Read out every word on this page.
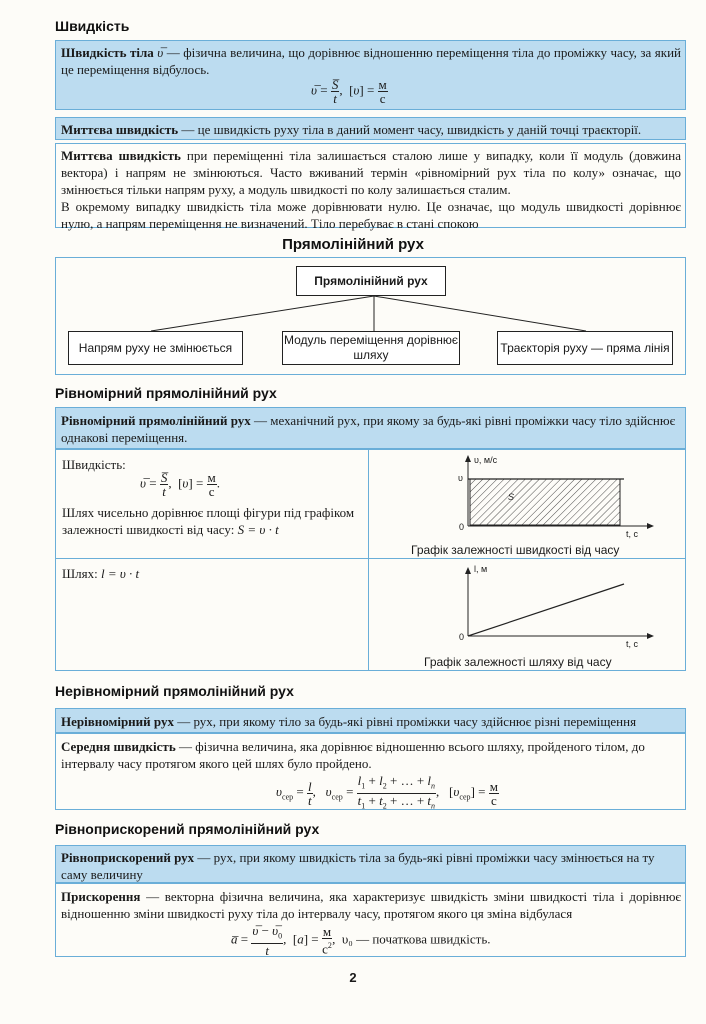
Швидкість
Швидкість тіла υ̅ — фізична величина, що дорівнює відношенню переміщення тіла до проміжку часу, за який це переміщення відбулось.
υ̅ = $\frac{S̅}{t}$ ,  [υ] = м
с
Миттєва швидкість — це швидкість руху тіла в даний момент часу, швидкість у даній точці траєкторії.
Миттєва швидкість при переміщенні тіла залишається сталою лише у випадку, коли її модуль (довжина вектора) і напрям не змінюються. Часто вживаний термін «рівномірний рух тіла по колу» означає, що змінюється тільки напрям руху, а модуль швидкості по колу залишається сталим.
В окремому випадку швидкість тіла може дорівнювати нулю. Це означає, що модуль швидкості дорівнює нулю, а напрям переміщення не визначений. Тіло перебуває в стані спокою
Прямолінійний рух
Прямолінійний рух
Напрям руху не змінюється
Модуль переміщення дорівнює шляху
Траєкторія руху — пряма лінія
Рівномірний прямолінійний рух
Рівномірний прямолінійний рух — механічний рух, при якому за будь-які рівні проміжки часу тіло здійснює однакові переміщення.
Швидкість:
υ̅ = $\frac{S̅}{t}$ ,  [υ] = м
с
.
Шлях чисельно дорівнює площі фігури під графіком залежності швидкості від часу: S = υ · t
Шлях: l = υ · t
υ, м/с
υ
0
t, с
S
Графік залежності швидкості від часу
l, м
0
t, с
Графік залежності шляху від часу
Нерівномірний прямолінійний рух
Нерівномірний рух — рух, при якому тіло за будь-які рівні проміжки часу здійснює різні переміщення
Середня швидкість — фізична величина, яка дорівнює відношенню всього шляху, пройденого тілом, до інтервалу часу протягом якого цей шлях було пройдено.
$\upsilon_{сер} = \frac{l}{t}$ ,   $\upsilon_{сер} = \frac{l_1 + l_2 + \dots + l_n}{t_1 + t_2 + \dots + t_n}$ ,   $[\upsilon_{сер}] = м$
с
Рівноприскорений прямолінійний рух
Рівноприскорений рух — рух, при якому швидкість тіла за будь-які рівні проміжки часу змінюється на ту саму величину
Прискорення — векторна фізична величина, яка характеризує швидкість зміни швидкості тіла і дорівнює відношенню зміни швидкості руху тіла до інтервалу часу, протягом якого ця зміна відбулася
a̅ = $\frac{\upsilon̅ - \upsilon̅_0}{t}$ ,  [a] = м
$с^2$ ,  υ₀ — початкова швидкість.
2
